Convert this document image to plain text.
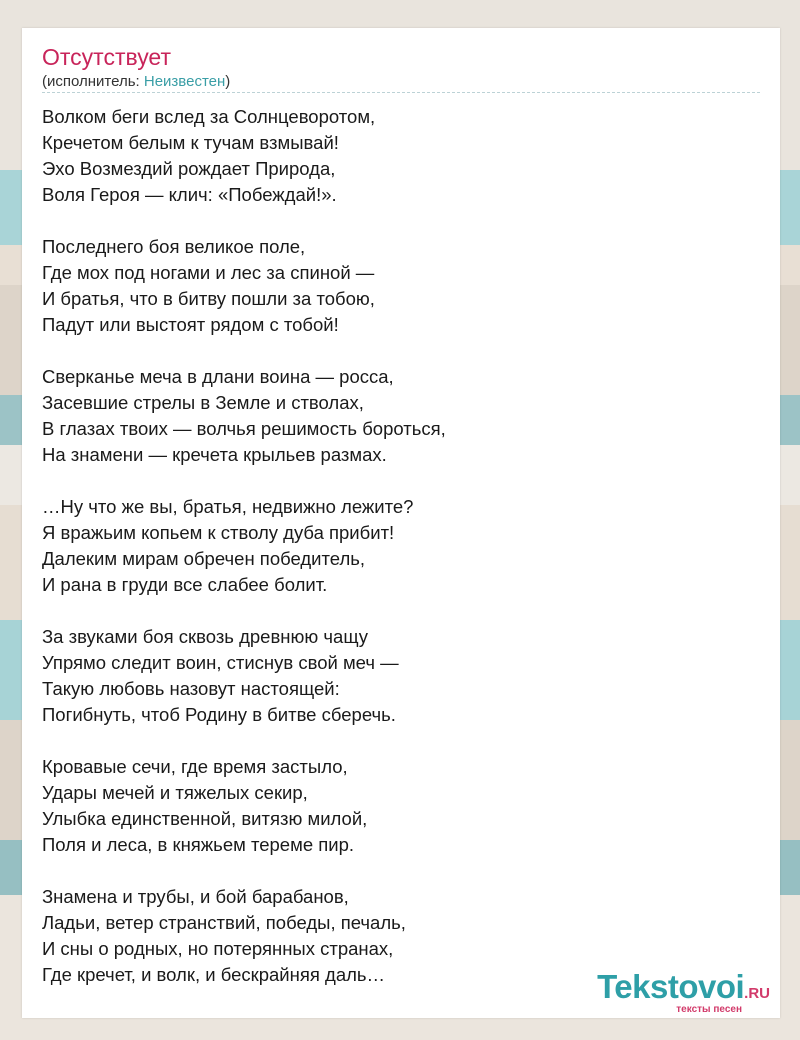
Отсутствует
(исполнитель: Неизвестен)
Волком беги вслед за Солнцеворотом,
Кречетом белым к тучам взмывай!
Эхо Возмездий рождает Природа,
Воля Героя — клич: «Побеждай!».
Последнего боя великое поле,
Где мох под ногами и лес за спиной —
И братья, что в битву пошли за тобою,
Падут или выстоят рядом с тобой!
Сверканье меча в длани воина — росса,
Засевшие стрелы в Земле и стволах,
В глазах твоих — волчья решимость бороться,
На знамени — кречета крыльев размах.
…Ну что же вы, братья, недвижно лежите?
Я вражьим копьем к стволу дуба прибит!
Далеким мирам обречен победитель,
И рана в груди все слабее болит.
За звуками боя сквозь древнюю чащу
Упрямо следит воин, стиснув свой меч —
Такую любовь назовут настоящей:
Погибнуть, чтоб Родину в битве сберечь.
Кровавые сечи, где время застыло,
Удары мечей и тяжелых секир,
Улыбка единственной, витязю милой,
Поля и леса, в княжьем тереме пир.
Знамена и трубы, и бой барабанов,
Ладьи, ветер странствий, победы, печаль,
И сны о родных, но потерянных странах,
Где кречет, и волк, и бескрайняя даль…	Tekstovoi.RU
тексты песен
